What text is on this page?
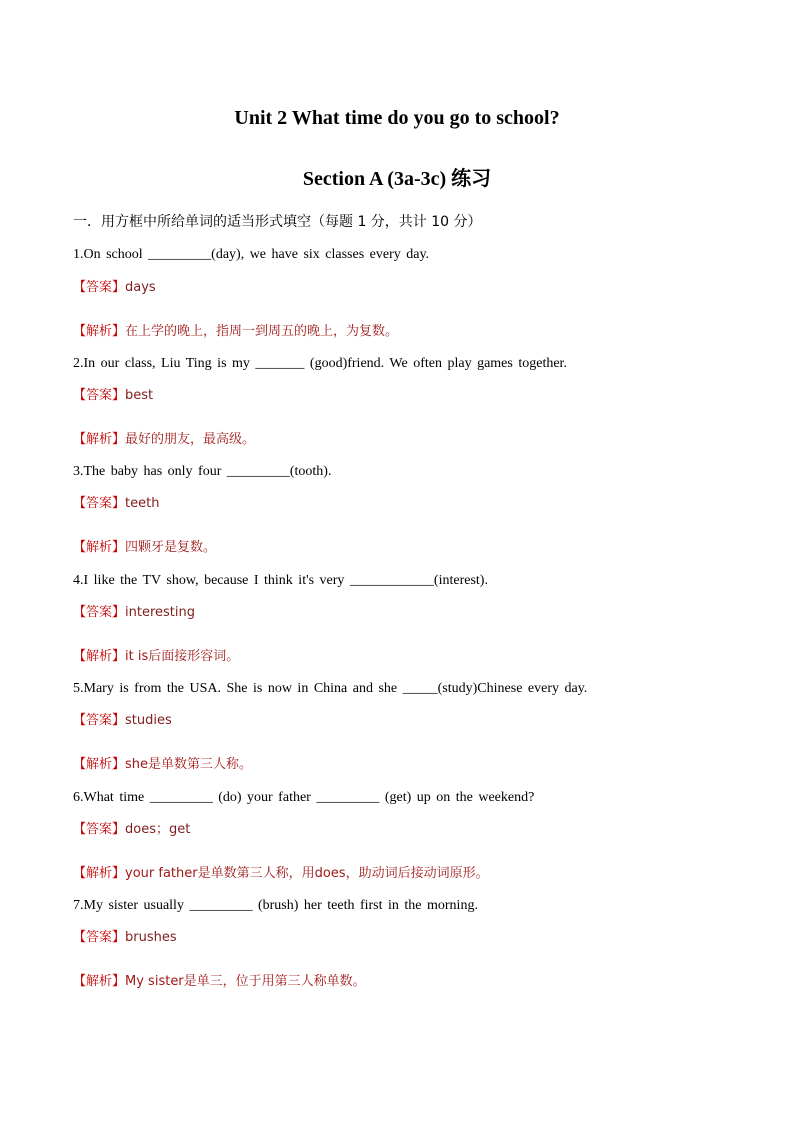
Unit 2 What time do you go to school?
Section A (3a-3c) 练习
一．用方框中所给单词的适当形式填空（每题 1 分，共计 10 分）
1.On school _________(day), we have six classes every day.
【答案】days
【解析】在上学的晚上，指周一到周五的晚上，为复数。
2.In our class, Liu Ting is my _______ (good)friend. We often play games together.
【答案】best
【解析】最好的朋友，最高级。
3.The baby has only four _________(tooth).
【答案】teeth
【解析】四颗牙是复数。
4.I like the TV show, because I think it's very ____________(interest).
【答案】interesting
【解析】it is后面接形容词。
5.Mary is from the USA. She is now in China and she _____(study)Chinese every day.
【答案】studies
【解析】she是单数第三人称。
6.What time _________ (do) your father _________ (get) up on the weekend?
【答案】does；get
【解析】your father是单数第三人称，用does，助动词后接动词原形。
7.My sister usually _________ (brush) her teeth first in the morning.
【答案】brushes
【解析】My sister是单三，位于用第三人称单数。
